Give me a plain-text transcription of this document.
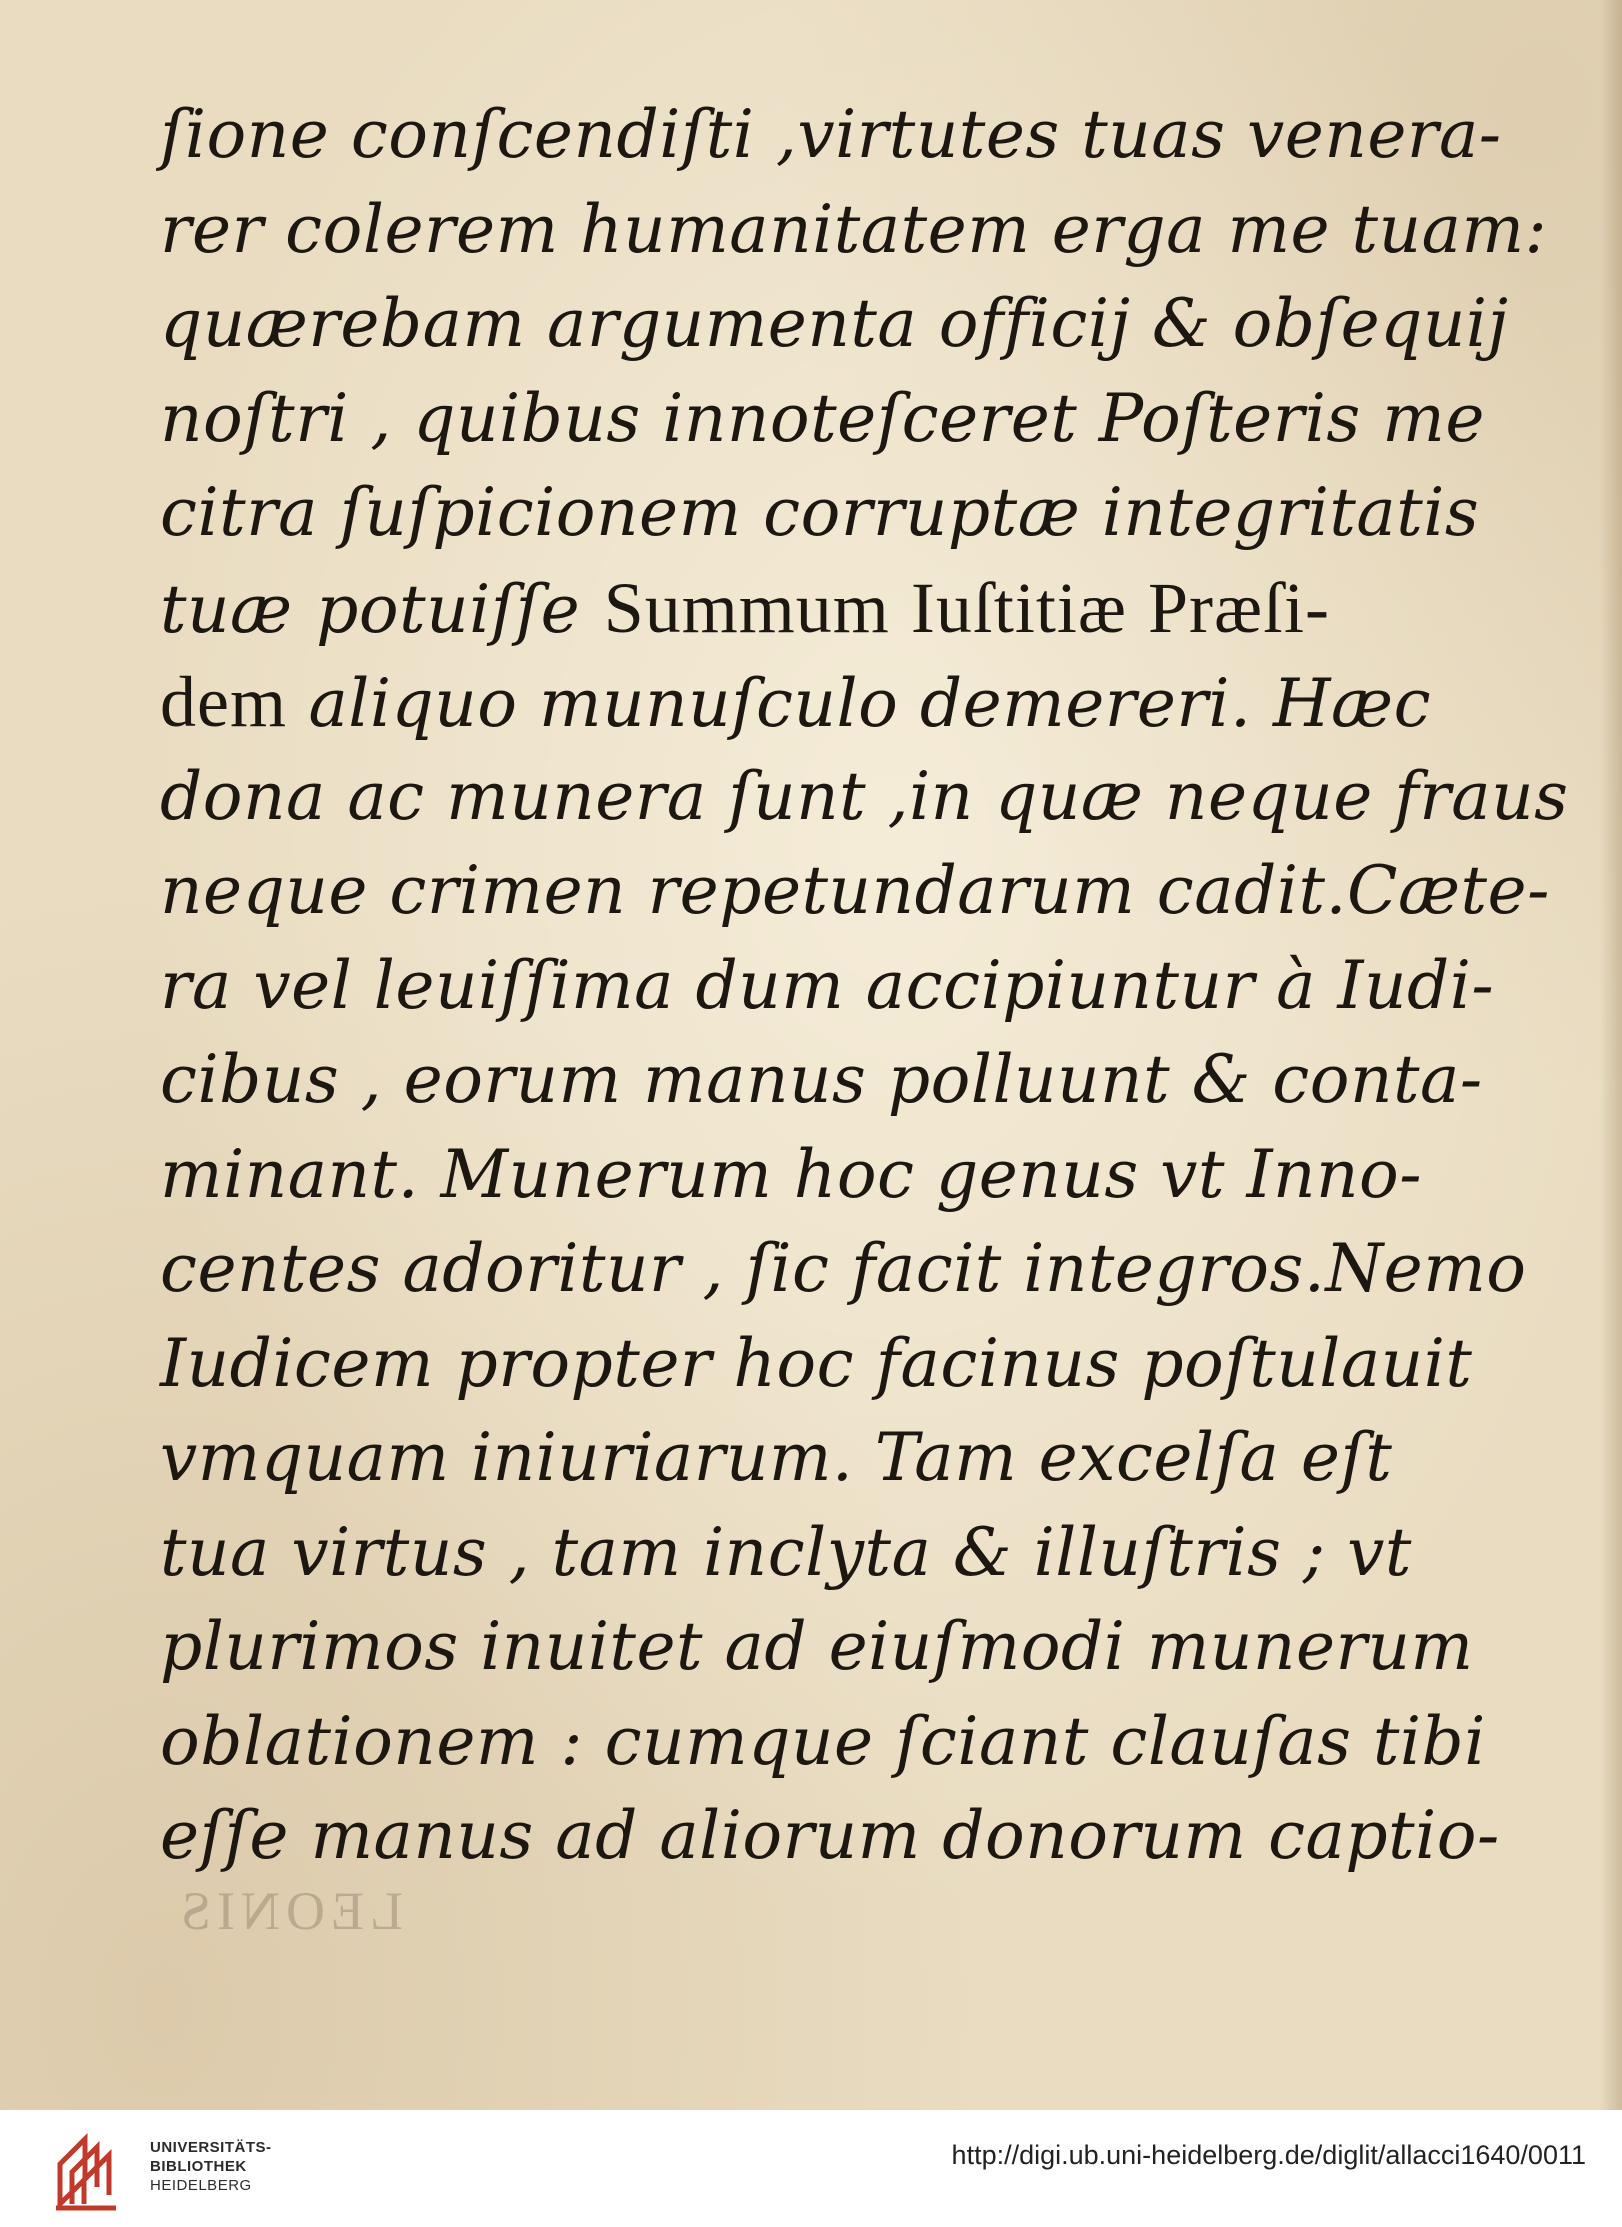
ſione conſcendiſti ,virtutes tuas venera-
rer colerem humanitatem erga me tuam:
quærebam argumenta officij & obſequij
noſtri , quibus innoteſceret Poſteris me
citra ſuſpicionem corruptæ integritatis
tuæ potuiſſe Summum Iuſtitiæ Præſi-
dem aliquo munuſculo demereri. Hæc
dona ac munera ſunt ,in quæ neque fraus
neque crimen repetundarum cadit.Cæte-
ra vel leuiſſima dum accipiuntur à Iudi-
cibus , eorum manus polluunt & conta-
minant. Munerum hoc genus vt Inno-
centes adoritur , ſic facit integros.Nemo
Iudicem propter hoc facinus poſtulauit
vmquam iniuriarum. Tam excelſa eſt
tua virtus , tam inclyta & illuſtris ; vt
plurimos inuitet ad eiuſmodi munerum
oblationem : cumque ſciant clauſas tibi
eſſe manus ad aliorum donorum captio-
LEONIS
UNIVERSITÄTS-
BIBLIOTHEK
HEIDELBERG
http://digi.ub.uni-heidelberg.de/diglit/allacci1640/0011
